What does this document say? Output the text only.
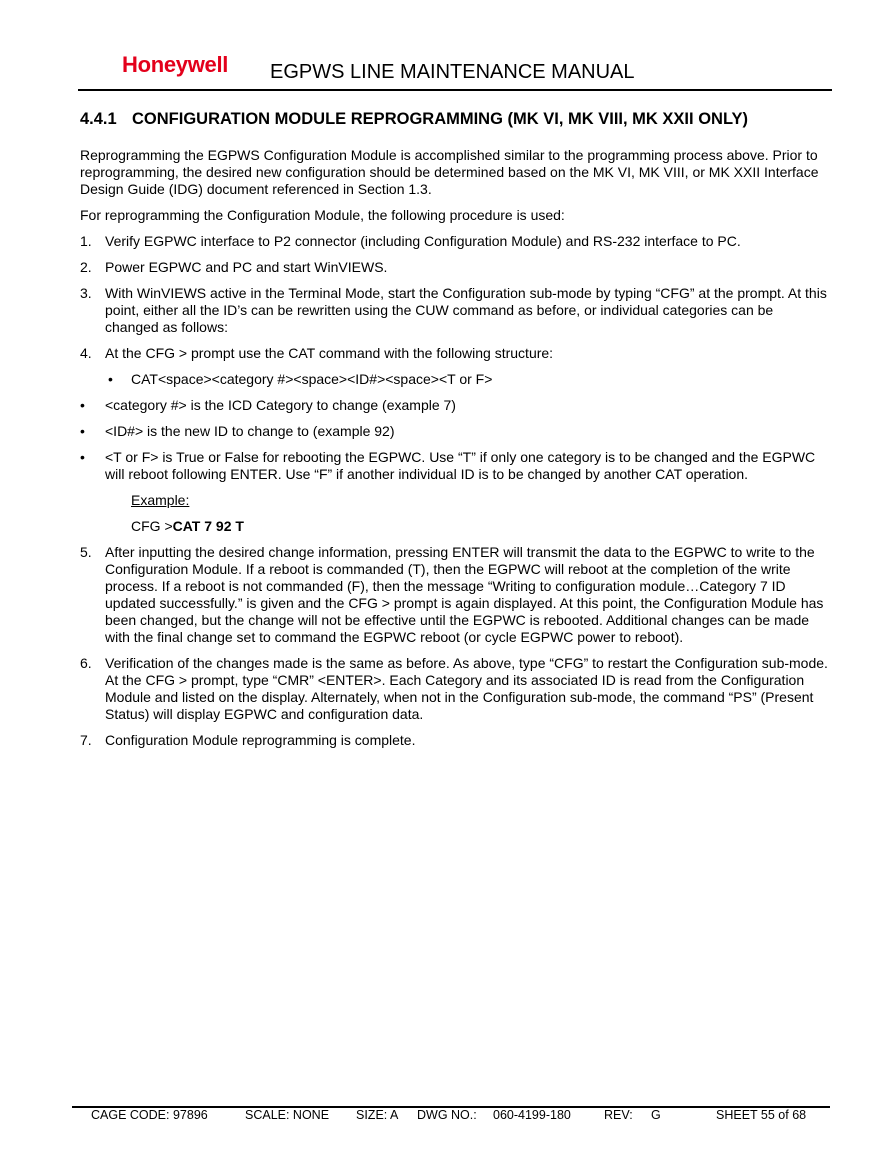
Honeywell EGPWS LINE MAINTENANCE MANUAL
4.4.1 CONFIGURATION MODULE REPROGRAMMING (MK VI, MK VIII, MK XXII ONLY)

Reprogramming the EGPWS Configuration Module is accomplished similar to the programming process above. Prior to reprogramming, the desired new configuration should be determined based on the MK VI, MK VIII, or MK XXII Interface Design Guide (IDG) document referenced in Section 1.3.

For reprogramming the Configuration Module, the following procedure is used:

1. Verify EGPWC interface to P2 connector (including Configuration Module) and RS-232 interface to PC.
2. Power EGPWC and PC and start WinVIEWS.
3. With WinVIEWS active in the Terminal Mode, start the Configuration sub-mode by typing “CFG” at the prompt. At this point, either all the ID’s can be rewritten using the CUW command as before, or individual categories can be changed as follows:
4. At the CFG > prompt use the CAT command with the following structure:
• CAT<space><category #><space><ID#><space><T or F>
• <category #> is the ICD Category to change (example 7)
• <ID#> is the new ID to change to (example 92)
• <T or F> is True or False for rebooting the EGPWC. Use “T” if only one category is to be changed and the EGPWC will reboot following ENTER. Use “F” if another individual ID is to be changed by another CAT operation.
Example:
CFG >CAT 7 92 T
5. After inputting the desired change information, pressing ENTER will transmit the data to the EGPWC to write to the Configuration Module. If a reboot is commanded (T), then the EGPWC will reboot at the completion of the write process. If a reboot is not commanded (F), then the message “Writing to configuration module…Category 7 ID updated successfully.” is given and the CFG > prompt is again displayed. At this point, the Configuration Module has been changed, but the change will not be effective until the EGPWC is rebooted. Additional changes can be made with the final change set to command the EGPWC reboot (or cycle EGPWC power to reboot).
6. Verification of the changes made is the same as before. As above, type “CFG” to restart the Configuration sub-mode. At the CFG > prompt, type “CMR” <ENTER>. Each Category and its associated ID is read from the Configuration Module and listed on the display. Alternately, when not in the Configuration sub-mode, the command “PS” (Present Status) will display EGPWC and configuration data.
7. Configuration Module reprogramming is complete.
CAGE CODE: 97896	SCALE: NONE SIZE: A DWG NO.: 060-4199-180	REV: G	SHEET 55 of 68
